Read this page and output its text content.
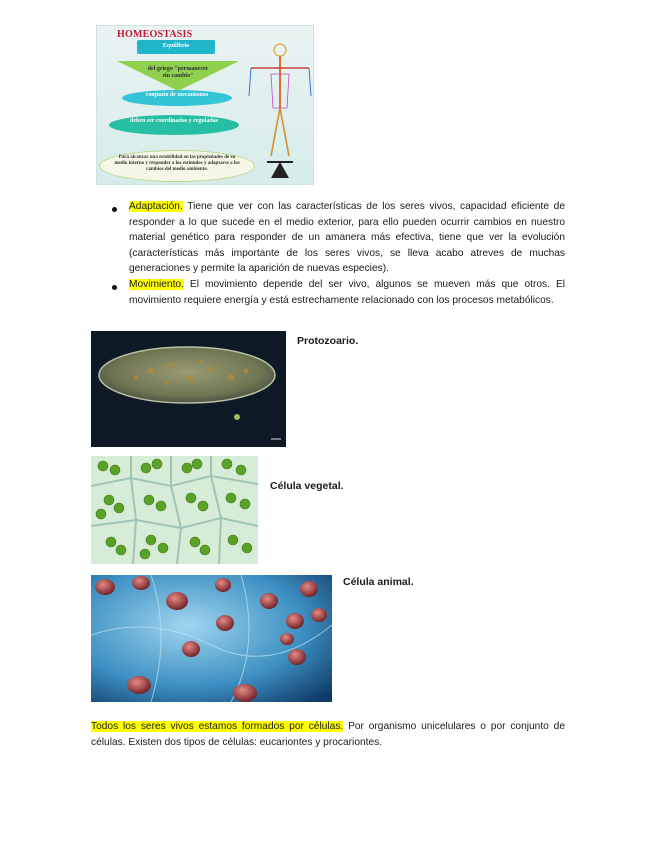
HOMEOSTASIS
Equilibrio
del griego "permanecer sin cambio"
conjunto de mecanismos
deben ser coordinadas y reguladas
Para alcanzar una estabilidad en las propiedades de su medio interno y responder a los estímulos y adaptarse a los cambios del medio ambiente.
Adaptación. Tiene que ver con las características de los seres vivos, capacidad eficiente de responder a lo que sucede en el medio exterior, para ello pueden ocurrir cambios en nuestro material genético para responder de un amanera más efectiva, tiene que ver la evolución (características más importante de los seres vivos, se lleva acabo atreves de muchas generaciones y permite la aparición de nuevas especies).
Movimiento. El movimiento depende del ser vivo, algunos se mueven más que otros. El movimiento requiere energía y está estrechamente relacionado con los procesos metabólicos.
Protozoario.
Célula vegetal.
Célula animal.
Todos los seres vivos estamos formados por células. Por organismo unicelulares o por conjunto de células. Existen dos tipos de células: eucariontes y procariontes.
